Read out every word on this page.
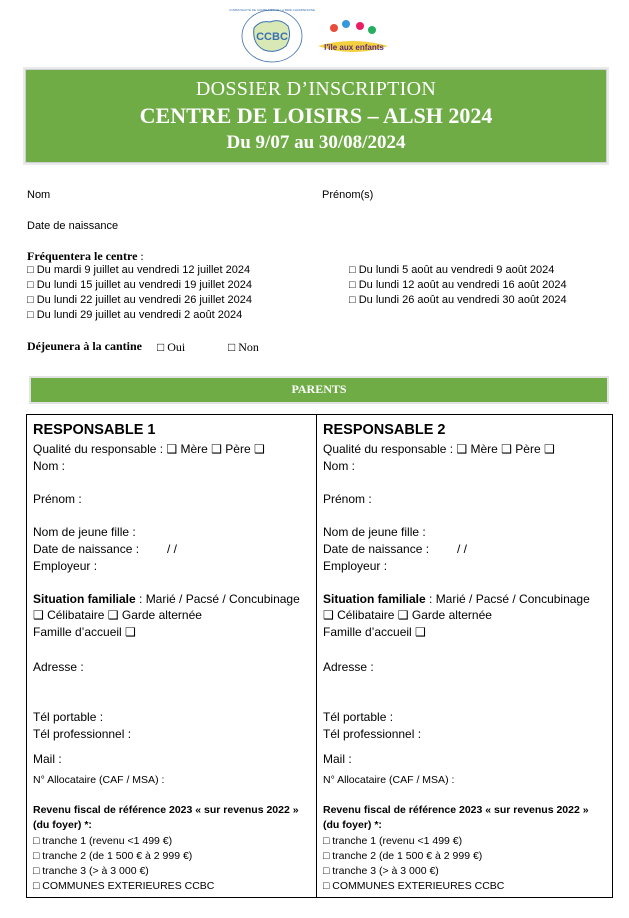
CCBC
COMMUNAUTÉ DE COMMUNES DE LA BRIE CHAMPENOISE
l'île aux enfants
DOSSIER D’INSCRIPTION
CENTRE DE LOISIRS – ALSH 2024
Du 9/07 au 30/08/2024
Nom	Prénom(s)
Date de naissance
Fréquentera le centre :
□ Du mardi 9 juillet au vendredi 12 juillet 2024
□ Du lundi 15 juillet au vendredi 19 juillet 2024
□ Du lundi 22 juillet au vendredi 26 juillet 2024
□ Du lundi 29 juillet au vendredi 2 août 2024
□ Du lundi 5 août au vendredi 9 août 2024
□ Du lundi 12 août au vendredi 16 août 2024
□ Du lundi 26 août au vendredi 30 août 2024
Déjeunera à la cantine □ Oui	□ Non
PARENTS
RESPONSABLE 1
Qualité du responsable : ❑ Mère ❑ Père ❑
Nom :
Prénom :
Nom de jeune fille :
Date de naissance : / /
Employeur :
Situation familiale : Marié / Pacsé / Concubinage
❑ Célibataire ❑ Garde alternée
Famille d’accueil ❑
Adresse :
Tél portable :
Tél professionnel :
Mail :
N° Allocataire (CAF / MSA) :
Revenu fiscal de référence 2023 « sur revenus 2022 »
(du foyer) *:
□ tranche 1 (revenu <1 499 €)
□ tranche 2 (de 1 500 € à 2 999 €)
□ tranche 3 (> à 3 000 €)
□ COMMUNES EXTERIEURES CCBC
RESPONSABLE 2
Qualité du responsable : ❑ Mère ❑ Père ❑
Nom :
Prénom :
Nom de jeune fille :
Date de naissance : / /
Employeur :
Situation familiale : Marié / Pacsé / Concubinage
❑ Célibataire ❑ Garde alternée
Famille d’accueil ❑
Adresse :
Tél portable :
Tél professionnel :
Mail :
N° Allocataire (CAF / MSA) :
Revenu fiscal de référence 2023 « sur revenus 2022 »
(du foyer) *:
□ tranche 1 (revenu <1 499 €)
□ tranche 2 (de 1 500 € à 2 999 €)
□ tranche 3 (> à 3 000 €)
□ COMMUNES EXTERIEURES CCBC
